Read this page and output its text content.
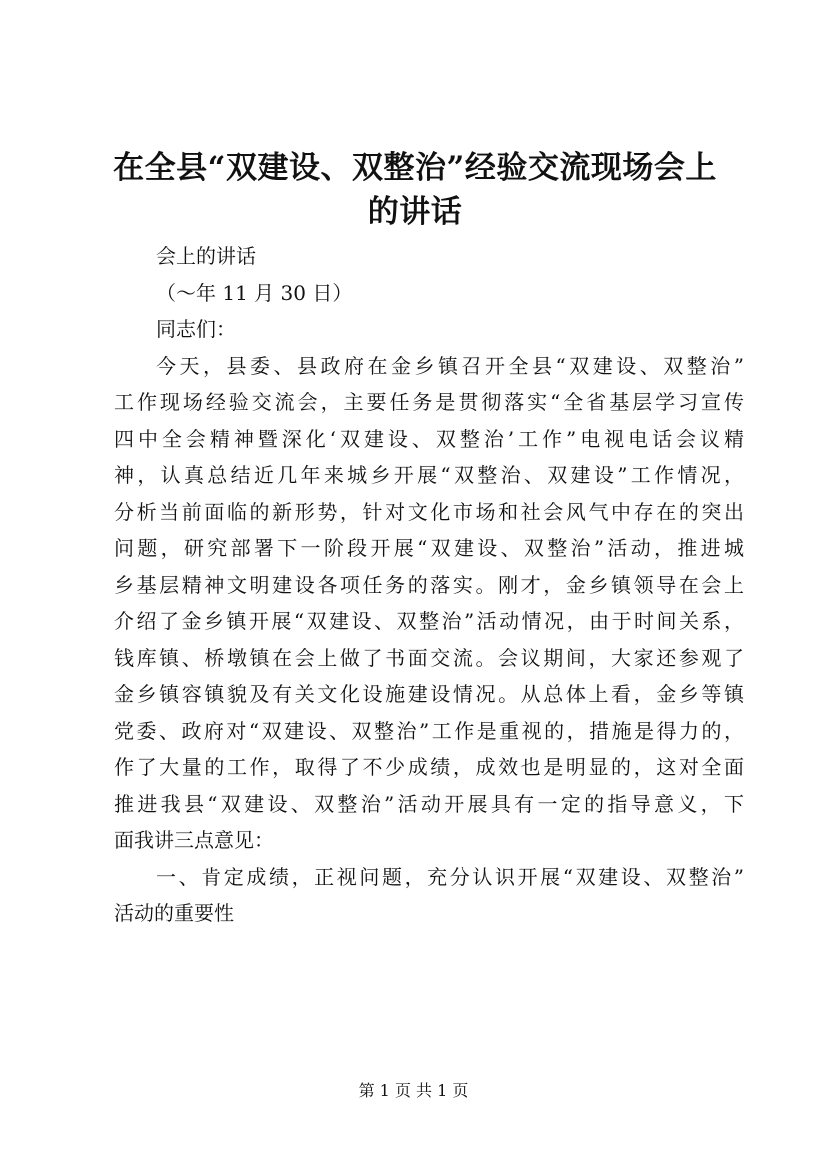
在全县“双建设、双整治”经验交流现场会上
的讲话
会上的讲话
（～年 11 月 30 日）
同志们：
今天，县委、县政府在金乡镇召开全县“双建设、双整治”
工作现场经验交流会，主要任务是贯彻落实“全省基层学习宣传
四中全会精神暨深化‘双建设、双整治’工作”电视电话会议精
神，认真总结近几年来城乡开展“双整治、双建设”工作情况，
分析当前面临的新形势，针对文化市场和社会风气中存在的突出
问题，研究部署下一阶段开展“双建设、双整治”活动，推进城
乡基层精神文明建设各项任务的落实。刚才，金乡镇领导在会上
介绍了金乡镇开展“双建设、双整治”活动情况，由于时间关系，
钱库镇、桥墩镇在会上做了书面交流。会议期间，大家还参观了
金乡镇容镇貌及有关文化设施建设情况。从总体上看，金乡等镇
党委、政府对“双建设、双整治”工作是重视的，措施是得力的，
作了大量的工作，取得了不少成绩，成效也是明显的，这对全面
推进我县“双建设、双整治”活动开展具有一定的指导意义，下
面我讲三点意见：
一、肯定成绩，正视问题，充分认识开展“双建设、双整治”
活动的重要性
第 1 页 共 1 页
